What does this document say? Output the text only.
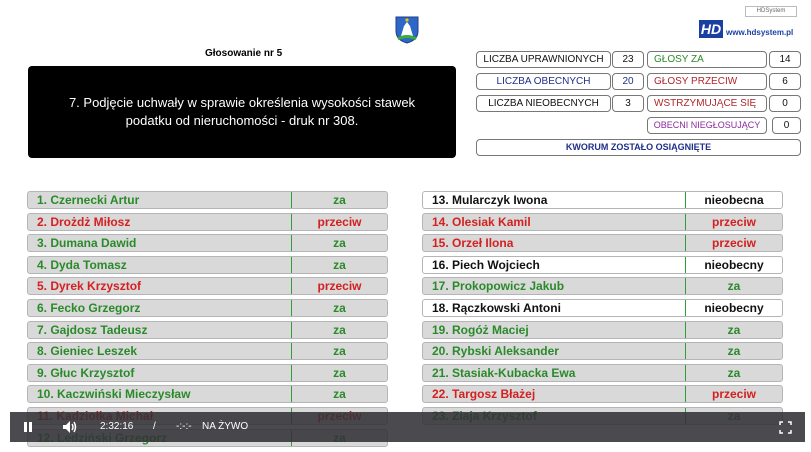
Głosowanie nr 5
7. Podjęcie uchwały w sprawie określenia wysokości stawek podatku od nieruchomości - druk nr 308.
HDSystem
HD www.hdsystem.pl
LICZBA UPRAWNIONYCH	23
LICZBA OBECNYCH	20
LICZBA NIEOBECNYCH	3
GŁOSY ZA	14
GŁOSY PRZECIW	6
WSTRZYMUJĄCE SIĘ	0
OBECNI NIEGŁOSUJĄCY	0
KWORUM ZOSTAŁO OSIĄGNIĘTE
1. Czernecki Artur	za
2. Drożdż Miłosz	przeciw
3. Dumana Dawid	za
4. Dyda Tomasz	za
5. Dyrek Krzysztof	przeciw
6. Fecko Grzegorz	za
7. Gajdosz Tadeusz	za
8. Gieniec Leszek	za
9. Głuc Krzysztof	za
10. Kaczwiński Mieczysław	za
13. Mularczyk Iwona	nieobecna
14. Olesiak Kamil	przeciw
15. Orzeł Ilona	przeciw
16. Piech Wojciech	nieobecny
17. Prokopowicz Jakub	za
18. Rączkowski Antoni	nieobecny
19. Rogóż Maciej	za
20. Rybski Aleksander	za
21. Stasiak-Kubacka Ewa	za
22. Targosz Błażej	przeciw
2:32:16 / -:-:- NA ŻYWO
